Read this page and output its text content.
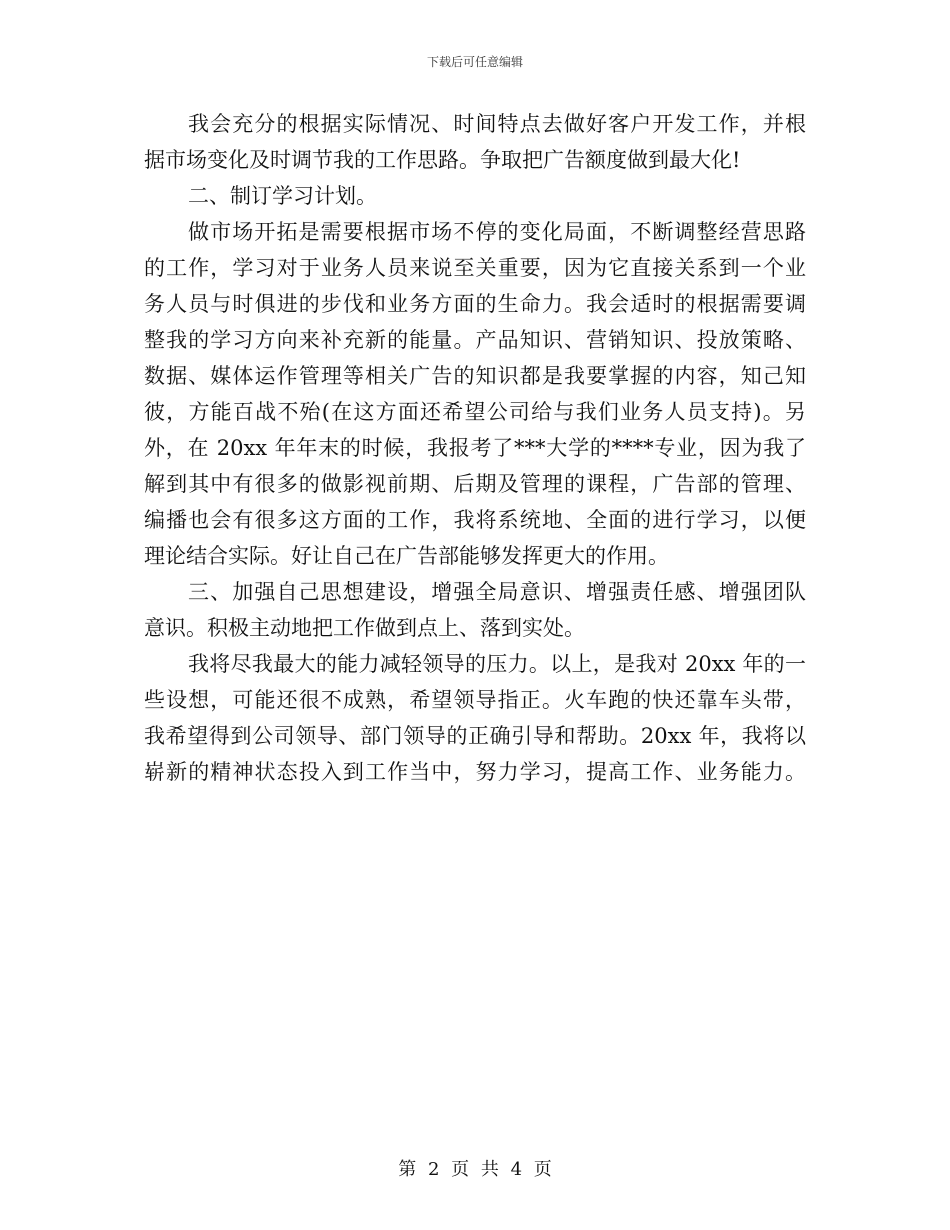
下载后可任意编辑
我会充分的根据实际情况、时间特点去做好客户开发工作，并根
据市场变化及时调节我的工作思路。争取把广告额度做到最大化!
二、制订学习计划。
做市场开拓是需要根据市场不停的变化局面，不断调整经营思路
的工作，学习对于业务人员来说至关重要，因为它直接关系到一个业
务人员与时俱进的步伐和业务方面的生命力。我会适时的根据需要调
整我的学习方向来补充新的能量。产品知识、营销知识、投放策略、
数据、媒体运作管理等相关广告的知识都是我要掌握的内容，知己知
彼，方能百战不殆(在这方面还希望公司给与我们业务人员支持)。另
外，在 20xx 年年末的时候，我报考了***大学的****专业，因为我了
解到其中有很多的做影视前期、后期及管理的课程，广告部的管理、
编播也会有很多这方面的工作，我将系统地、全面的进行学习，以便
理论结合实际。好让自己在广告部能够发挥更大的作用。
三、加强自己思想建设，增强全局意识、增强责任感、增强团队
意识。积极主动地把工作做到点上、落到实处。
我将尽我最大的能力减轻领导的压力。以上，是我对 20xx 年的一
些设想，可能还很不成熟，希望领导指正。火车跑的快还靠车头带，
我希望得到公司领导、部门领导的正确引导和帮助。20xx 年，我将以
崭新的精神状态投入到工作当中，努力学习，提高工作、业务能力。
第 2 页 共 4 页
